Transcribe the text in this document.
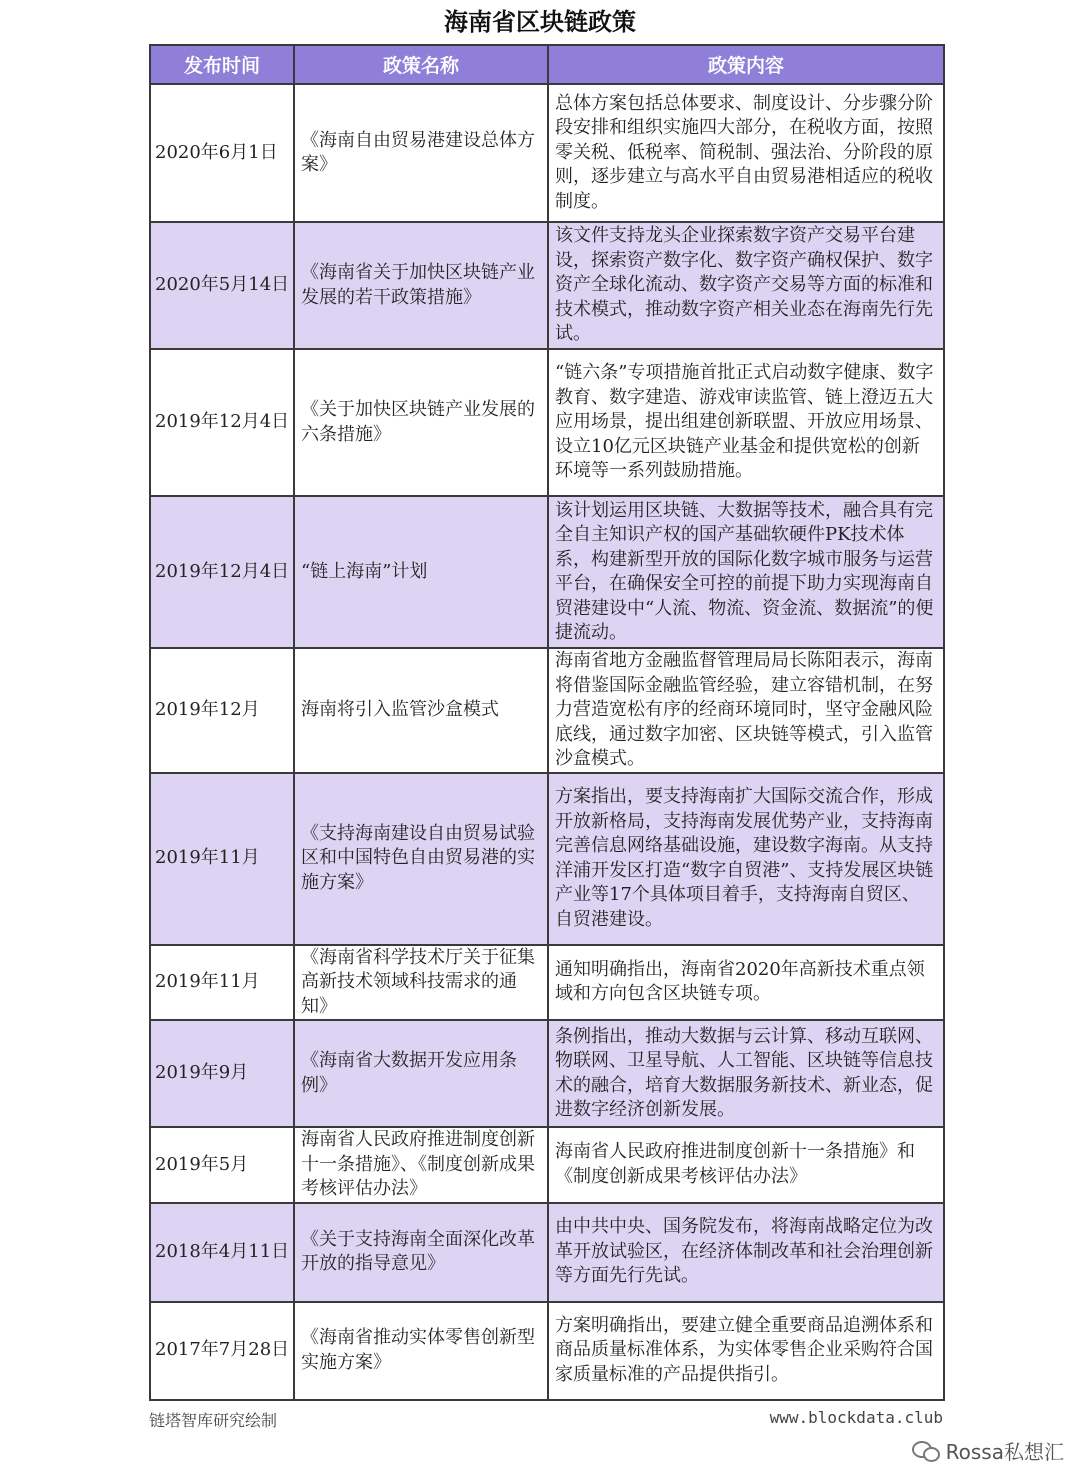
海南省区块链政策
发布时间	政策名称	政策内容
2020年6月1日	《海南自由贸易港建设总体方案》	总体方案包括总体要求、制度设计、分步骤分阶段安排和组织实施四大部分，在税收方面，按照零关税、低税率、简税制、强法治、分阶段的原则，逐步建立与高水平自由贸易港相适应的税收制度。
2020年5月14日	《海南省关于加快区块链产业发展的若干政策措施》	该文件支持龙头企业探索数字资产交易平台建设，探索资产数字化、数字资产确权保护、数字资产全球化流动、数字资产交易等方面的标准和技术模式，推动数字资产相关业态在海南先行先试。
2019年12月4日	《关于加快区块链产业发展的六条措施》	“链六条”专项措施首批正式启动数字健康、数字教育、数字建造、游戏审读监管、链上澄迈五大应用场景，提出组建创新联盟、开放应用场景、设立10亿元区块链产业基金和提供宽松的创新环境等一系列鼓励措施。
2019年12月4日	“链上海南”计划	该计划运用区块链、大数据等技术，融合具有完全自主知识产权的国产基础软硬件PK技术体系，构建新型开放的国际化数字城市服务与运营平台，在确保安全可控的前提下助力实现海南自贸港建设中“人流、物流、资金流、数据流”的便捷流动。
2019年12月	海南将引入监管沙盒模式	海南省地方金融监督管理局局长陈阳表示，海南将借鉴国际金融监管经验，建立容错机制，在努力营造宽松有序的经商环境同时，坚守金融风险底线，通过数字加密、区块链等模式，引入监管沙盒模式。
2019年11月	《支持海南建设自由贸易试验区和中国特色自由贸易港的实施方案》	方案指出，要支持海南扩大国际交流合作，形成开放新格局，支持海南发展优势产业，支持海南完善信息网络基础设施，建设数字海南。从支持洋浦开发区打造“数字自贸港”、支持发展区块链产业等17个具体项目着手，支持海南自贸区、自贸港建设。
2019年11月	《海南省科学技术厅关于征集高新技术领域科技需求的通知》	通知明确指出，海南省2020年高新技术重点领域和方向包含区块链专项。
2019年9月	《海南省大数据开发应用条例》	条例指出，推动大数据与云计算、移动互联网、物联网、卫星导航、人工智能、区块链等信息技术的融合，培育大数据服务新技术、新业态，促进数字经济创新发展。
2019年5月	海南省人民政府推进制度创新十一条措施》、《制度创新成果考核评估办法》	海南省人民政府推进制度创新十一条措施》和《制度创新成果考核评估办法》
2018年4月11日	《关于支持海南全面深化改革开放的指导意见》	由中共中央、国务院发布，将海南战略定位为改革开放试验区，在经济体制改革和社会治理创新等方面先行先试。
2017年7月28日	《海南省推动实体零售创新型实施方案》	方案明确指出，要建立健全重要商品追溯体系和商品质量标准体系，为实体零售企业采购符合国家质量标准的产品提供指引。
链塔智库研究绘制	www.blockdata.club
Rossa私想汇
